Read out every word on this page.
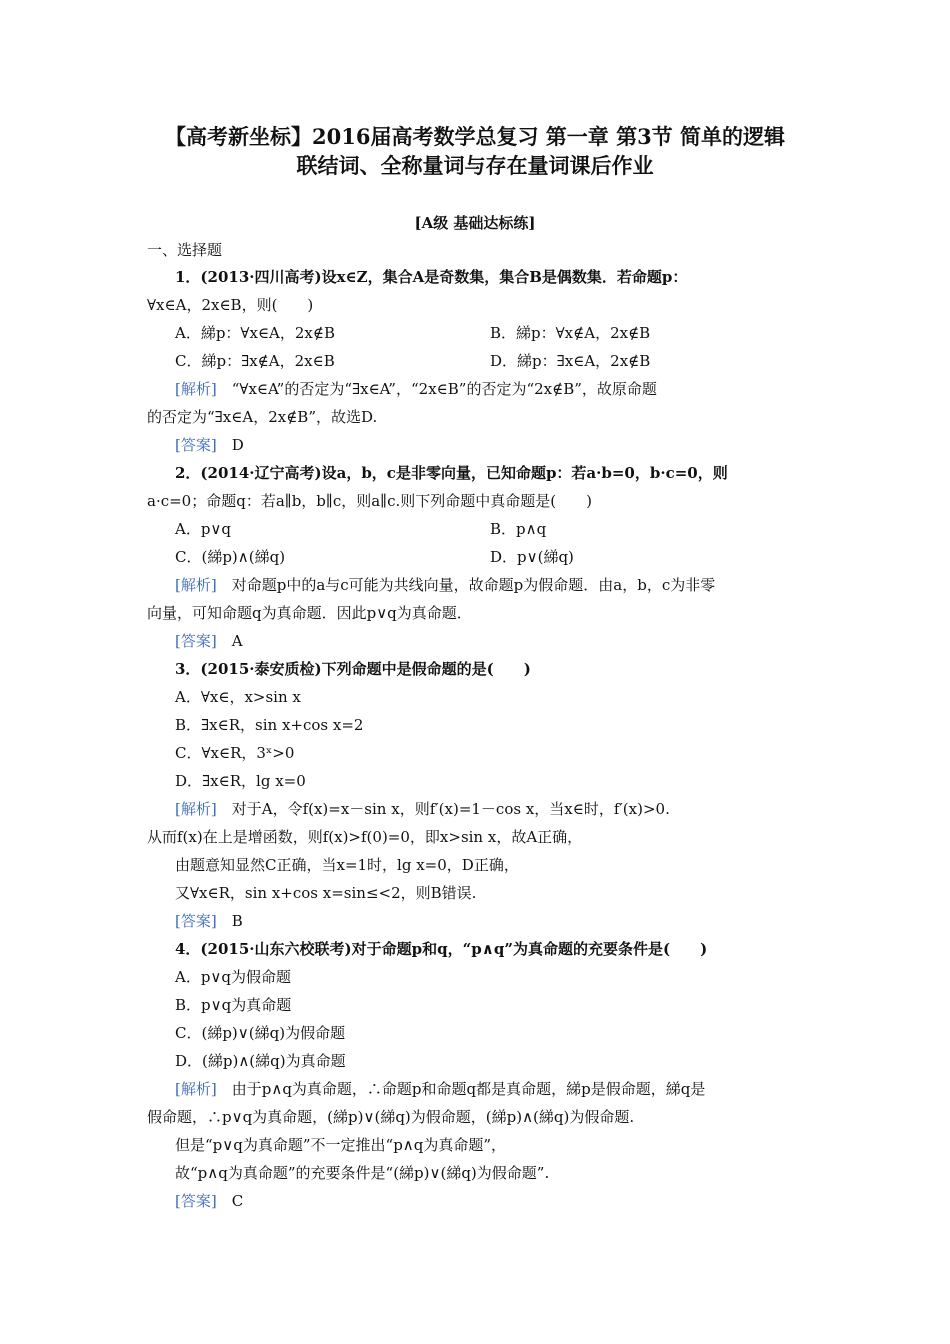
【高考新坐标】2016届高考数学总复习 第一章 第3节 简单的逻辑
联结词、全称量词与存在量词课后作业
[A级 基础达标练]
一、选择题
1．(2013·四川高考)设x∈Z，集合A是奇数集，集合B是偶数集．若命题p：
∀x∈A，2x∈B，则(　　)
A．綈p：∀x∈A，2x∉B	B．綈p：∀x∉A，2x∉B
C．綈p：∃x∉A，2x∈B	D．綈p：∃x∈A，2x∉B
[解析]　 “∀x∈A”的否定为“∃x∈A”，“2x∈B”的否定为“2x∉B”，故原命题
的否定为“∃x∈A，2x∉B”，故选D.
[答案]　 D
2．(2014·辽宁高考)设a，b，c是非零向量，已知命题p：若a·b=0，b·c=0，则
a·c=0；命题q：若a∥b，b∥c，则a∥c.则下列命题中真命题是(　　)
A．p∨q	B．p∧q
C．(綈p)∧(綈q)	D．p∨(綈q)
[解析]　 对命题p中的a与c可能为共线向量，故命题p为假命题．由a，b，c为非零
向量，可知命题q为真命题．因此p∨q为真命题．
[答案]　 A
3．(2015·泰安质检)下列命题中是假命题的是(　　)
A．∀x∈，x>sin x
B．∃x∈R，sin x+cos x=2
C．∀x∈R，3ˣ>0
D．∃x∈R，lg x=0
[解析]　 对于A，令f(x)=x－sin x，则f′(x)=1－cos x，当x∈时，f′(x)>0.
从而f(x)在上是增函数，则f(x)>f(0)=0，即x>sin x，故A正确，
由题意知显然C正确，当x=1时，lg x=0，D正确，
又∀x∈R，sin x+cos x=sin≤<2，则B错误.
[答案]　 B
4．(2015·山东六校联考)对于命题p和q，“p∧q”为真命题的充要条件是(　　)
A．p∨q为假命题
B．p∨q为真命题
C．(綈p)∨(綈q)为假命题
D．(綈p)∧(綈q)为真命题
[解析]　 由于p∧q为真命题，∴命题p和命题q都是真命题，綈p是假命题，綈q是
假命题，∴p∨q为真命题，(綈p)∨(綈q)为假命题，(綈p)∧(綈q)为假命题.
但是“p∨q为真命题”不一定推出“p∧q为真命题”，
故“p∧q为真命题”的充要条件是“(綈p)∨(綈q)为假命题”.
[答案]　 C
